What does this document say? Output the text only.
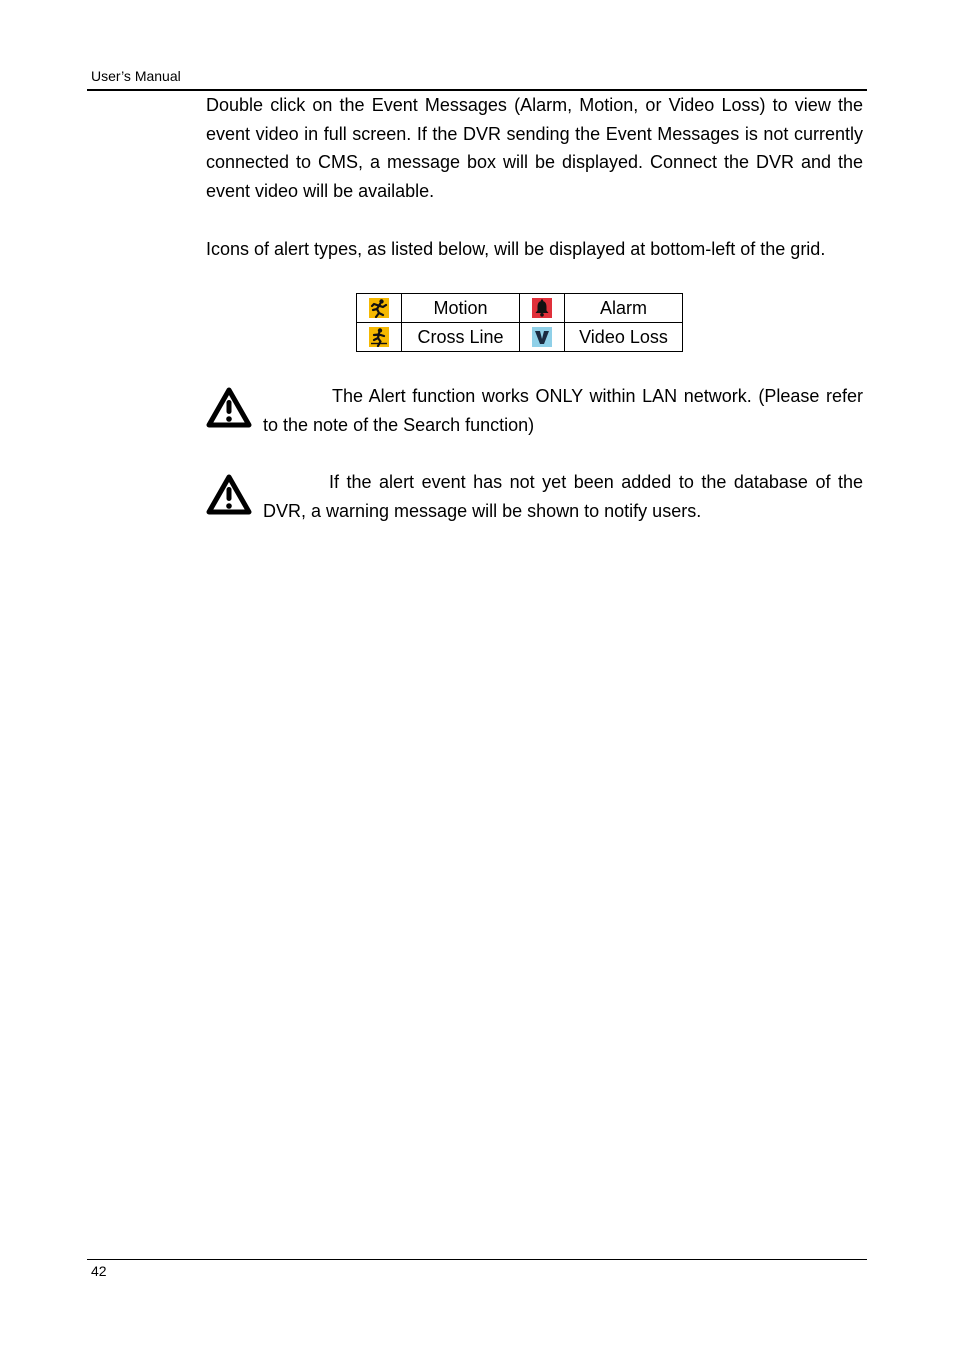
User’s Manual
Double click on the Event Messages (Alarm, Motion, or Video Loss) to view the event video in full screen. If the DVR sending the Event Messages is not currently connected to CMS, a message box will be displayed. Connect the DVR and the event video will be available.
Icons of alert types, as listed below, will be displayed at bottom-left of the grid.
	Motion		Alarm

	Cross Line		Video Loss
The Alert function works ONLY within LAN network. (Please refer to the note of the Search function)
If the alert event has not yet been added to the database of the DVR, a warning message will be shown to notify users.
42
